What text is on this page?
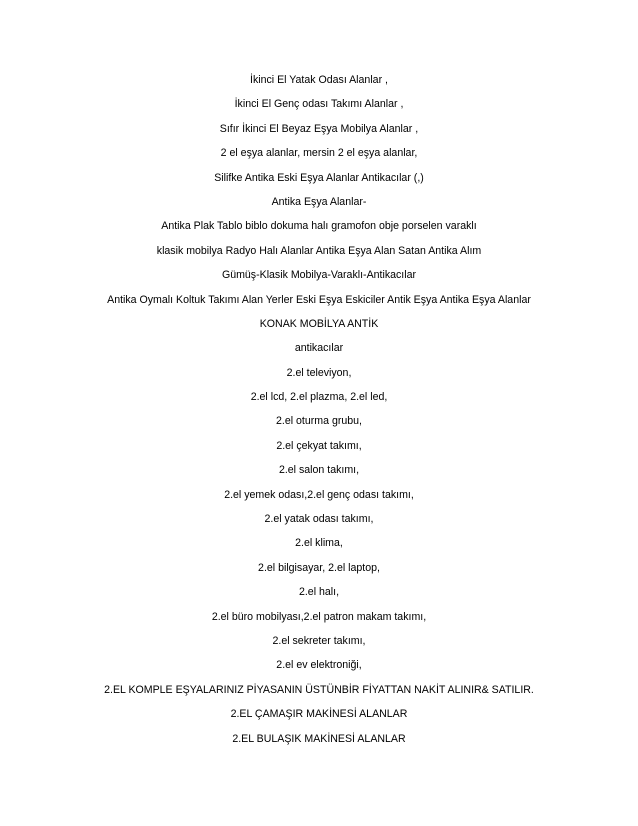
İkinci El Yatak Odası Alanlar ,
İkinci El Genç odası Takımı Alanlar ,
Sıfır İkinci El Beyaz Eşya Mobilya Alanlar ,
2 el eşya alanlar, mersin 2 el eşya alanlar,
Silifke Antika Eski Eşya Alanlar Antikacılar (,)
Antika Eşya Alanlar-
Antika Plak Tablo biblo dokuma halı gramofon obje porselen varaklı
klasik mobilya Radyo Halı Alanlar Antika Eşya Alan Satan Antika Alım
Gümüş-Klasik Mobilya-Varaklı-Antikacılar
Antika Oymalı Koltuk Takımı Alan Yerler Eski Eşya Eskiciler Antik Eşya Antika Eşya Alanlar
KONAK MOBİLYA ANTİK
antikacılar
2.el televiyon,
2.el lcd, 2.el plazma, 2.el led,
2.el oturma grubu,
2.el çekyat takımı,
2.el salon takımı,
2.el yemek odası,2.el genç odası takımı,
2.el yatak odası takımı,
2.el klima,
2.el bilgisayar, 2.el laptop,
2.el halı,
2.el büro mobilyası,2.el patron makam takımı,
2.el sekreter takımı,
2.el ev elektroniği,
2.EL KOMPLE EŞYALARINIZ PİYASANIN ÜSTÜNBİR FİYATTAN NAKİT ALINIR& SATILIR.
2.EL ÇAMAŞIR MAKİNESİ ALANLAR
2.EL BULAŞIK MAKİNESİ ALANLAR
